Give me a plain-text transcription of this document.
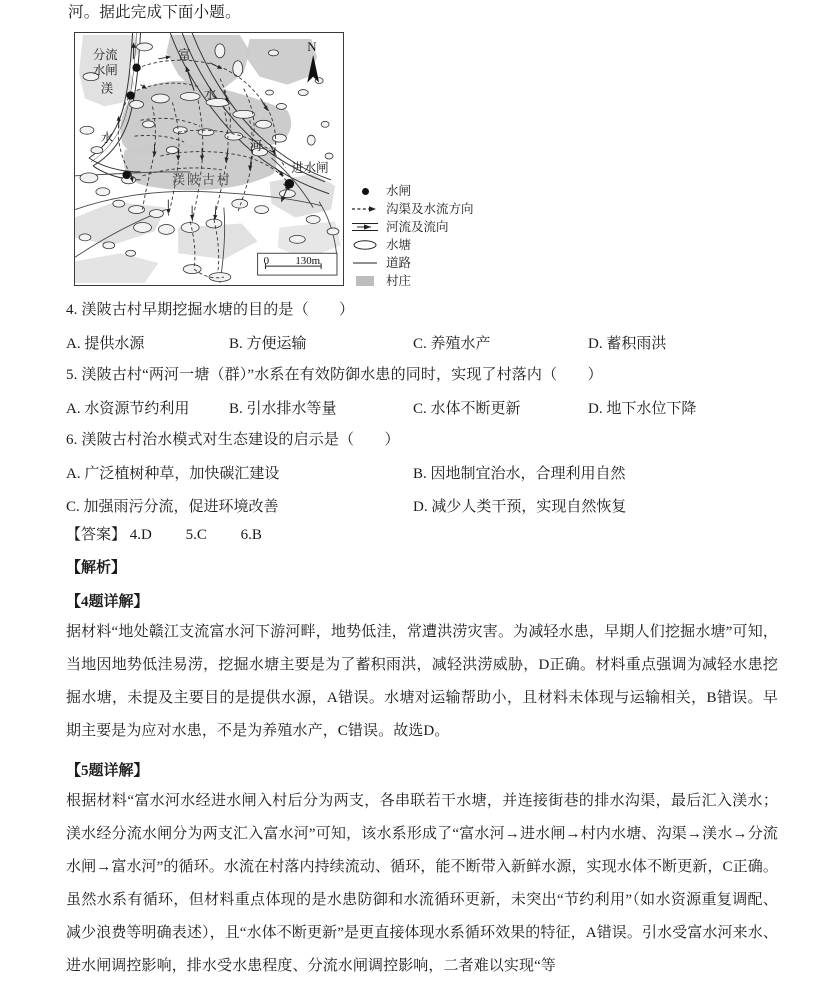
河。据此完成下面小题。
N
分流
水闸
渼
水
富
水
河
进水闸
渼陂古村
0 130m
水闸
沟渠及水流方向
河流及流向
水塘
道路
村庄
4. 渼陂古村早期挖掘水塘的目的是（　　）
A. 提供水源	B. 方便运输	C. 养殖水产	D. 蓄积雨洪
5. 渼陂古村“两河一塘（群）”水系在有效防御水患的同时，实现了村落内（　　）
A. 水资源节约利用	B. 引水排水等量	C. 水体不断更新	D. 地下水位下降
6. 渼陂古村治水模式对生态建设的启示是（　　）
A. 广泛植树种草，加快碳汇建设	B. 因地制宜治水，合理利用自然
C. 加强雨污分流，促进环境改善	D. 减少人类干预，实现自然恢复
【答案】 4.D 5.C 6.B
【解析】
【4题详解】
据材料“地处赣江支流富水河下游河畔，地势低洼，常遭洪涝灾害。为减轻水患，早期人们挖掘水塘”可知，当地因地势低洼易涝，挖掘水塘主要是为了蓄积雨洪，减轻洪涝威胁，D正确。材料重点强调为减轻水患挖掘水塘，未提及主要目的是提供水源，A错误。水塘对运输帮助小，且材料未体现与运输相关，B错误。早期主要是为应对水患，不是为养殖水产，C错误。故选D。
【5题详解】
根据材料“富水河水经进水闸入村后分为两支，各串联若干水塘，并连接街巷的排水沟渠，最后汇入渼水；渼水经分流水闸分为两支汇入富水河”可知，该水系形成了“富水河→进水闸→村内水塘、沟渠→渼水→分流水闸→富水河”的循环。水流在村落内持续流动、循环，能不断带入新鲜水源，实现水体不断更新，C正确。虽然水系有循环，但材料重点体现的是水患防御和水流循环更新，未突出“节约利用”（如水资源重复调配、减少浪费等明确表述），且“水体不断更新”是更直接体现水系循环效果的特征，A错误。引水受富水河来水、进水闸调控影响，排水受水患程度、分流水闸调控影响，二者难以实现“等
